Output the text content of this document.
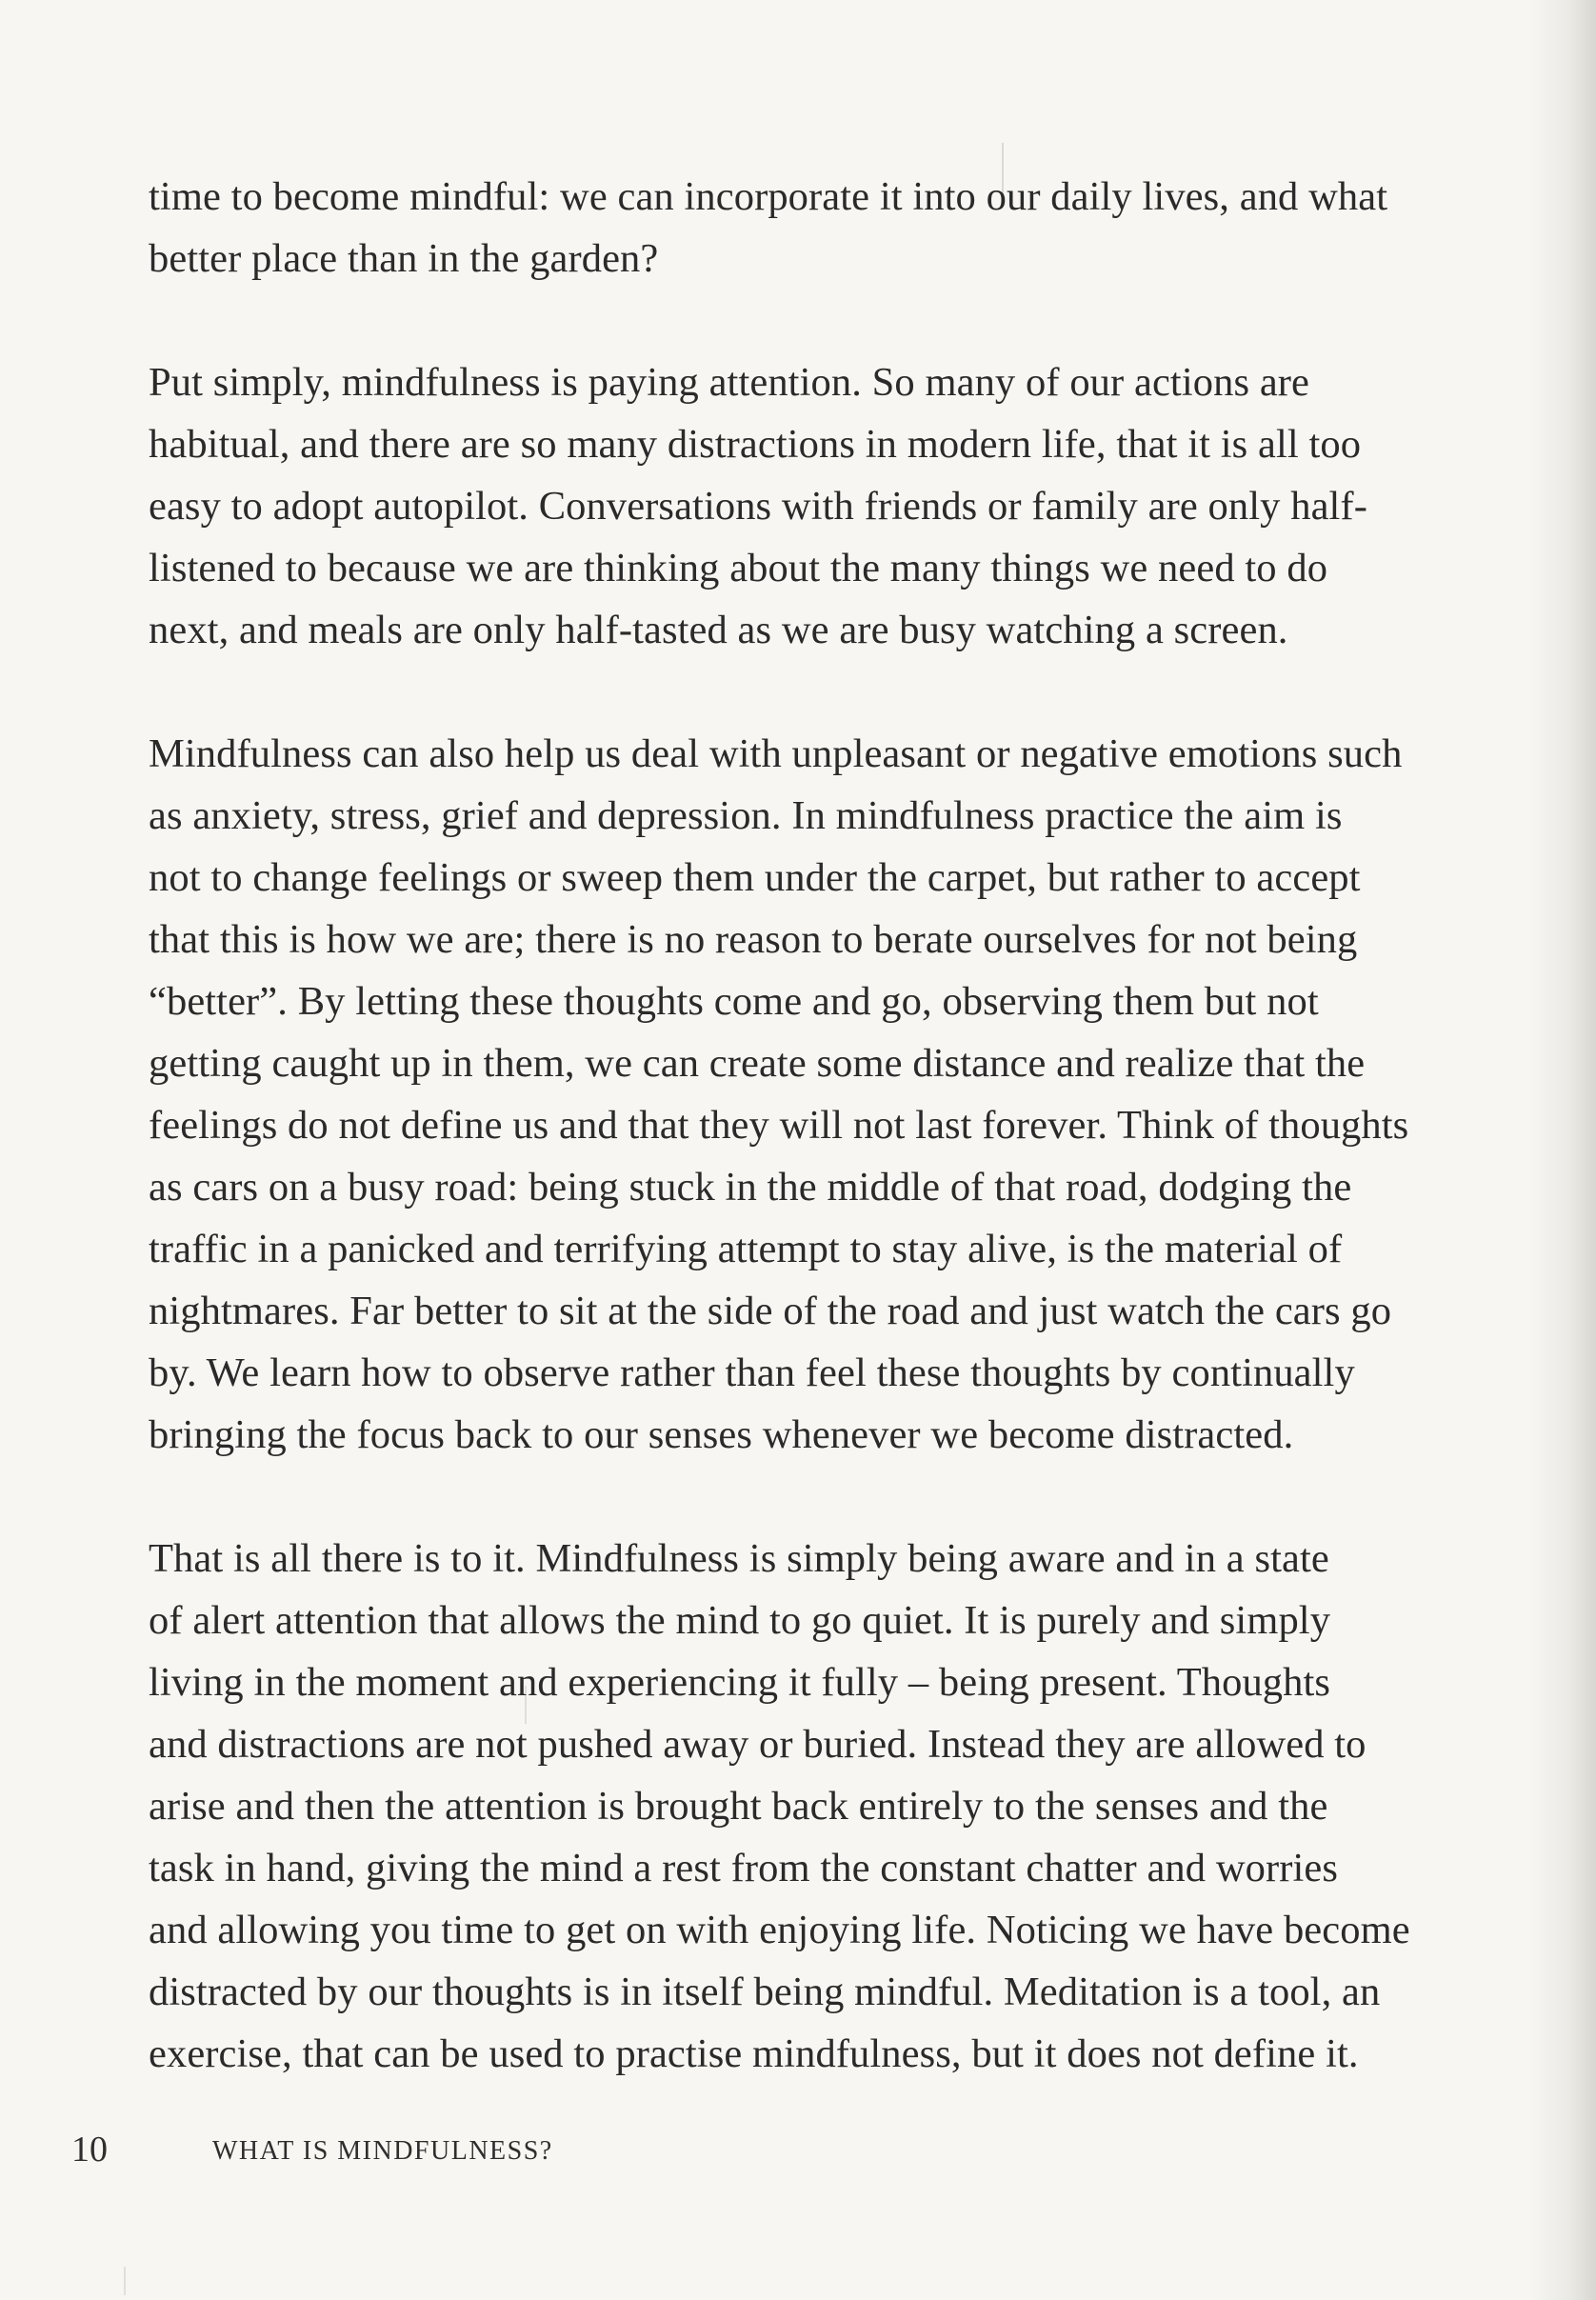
time to become mindful: we can incorporate it into our daily lives, and what
better place than in the garden?
Put simply, mindfulness is paying attention. So many of our actions are
habitual, and there are so many distractions in modern life, that it is all too
easy to adopt autopilot. Conversations with friends or family are only half-
listened to because we are thinking about the many things we need to do
next, and meals are only half-tasted as we are busy watching a screen.
Mindfulness can also help us deal with unpleasant or negative emotions such
as anxiety, stress, grief and depression. In mindfulness practice the aim is
not to change feelings or sweep them under the carpet, but rather to accept
that this is how we are; there is no reason to berate ourselves for not being
“better”. By letting these thoughts come and go, observing them but not
getting caught up in them, we can create some distance and realize that the
feelings do not define us and that they will not last forever. Think of thoughts
as cars on a busy road: being stuck in the middle of that road, dodging the
traffic in a panicked and terrifying attempt to stay alive, is the material of
nightmares. Far better to sit at the side of the road and just watch the cars go
by. We learn how to observe rather than feel these thoughts by continually
bringing the focus back to our senses whenever we become distracted.
That is all there is to it. Mindfulness is simply being aware and in a state
of alert attention that allows the mind to go quiet. It is purely and simply
living in the moment and experiencing it fully – being present. Thoughts
and distractions are not pushed away or buried. Instead they are allowed to
arise and then the attention is brought back entirely to the senses and the
task in hand, giving the mind a rest from the constant chatter and worries
and allowing you time to get on with enjoying life. Noticing we have become
distracted by our thoughts is in itself being mindful. Meditation is a tool, an
exercise, that can be used to practise mindfulness, but it does not define it.
10	WHAT IS MINDFULNESS?
